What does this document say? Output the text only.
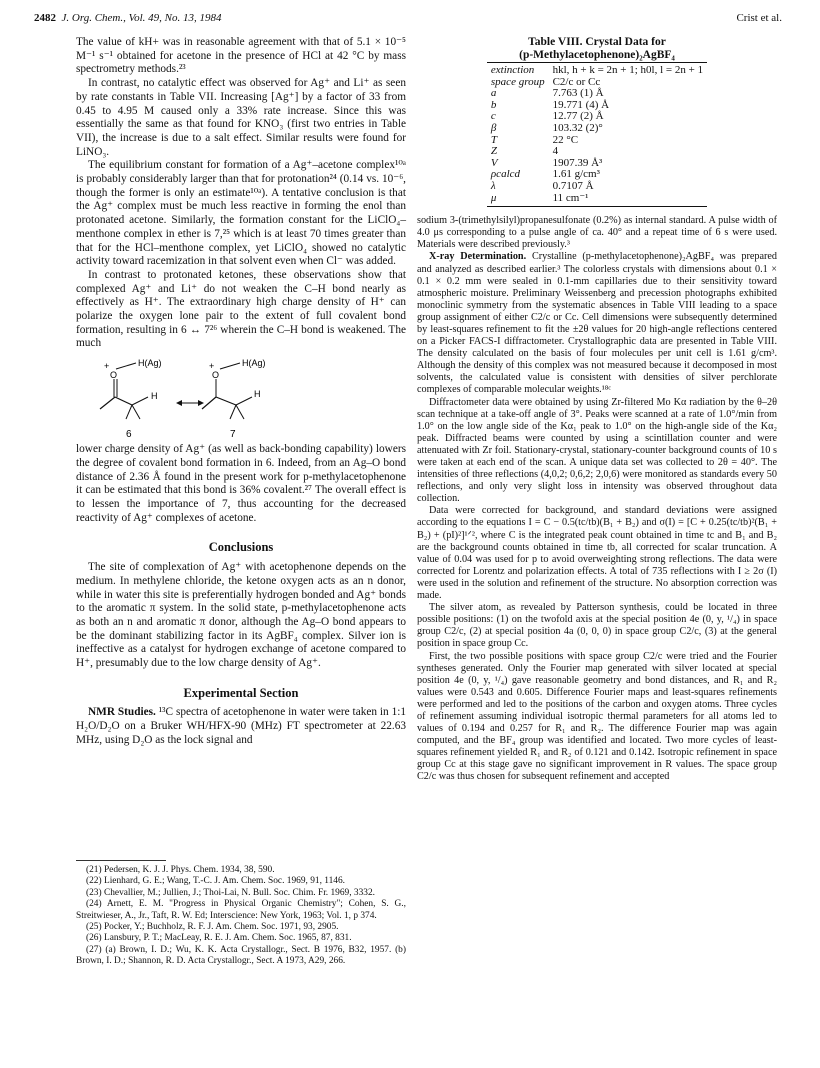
2482 J. Org. Chem., Vol. 49, No. 13, 1984	Crist et al.

The value of kH+ was in reasonable agreement with that of 5.1 × 10⁻⁵ M⁻¹ s⁻¹ obtained for acetone in the presence of HCl at 42 °C by mass spectrometry methods.²³

In contrast, no catalytic effect was observed for Ag⁺ and Li⁺ as seen by rate constants in Table VII. Increasing [Ag⁺] by a factor of 33 from 0.45 to 4.95 M caused only a 33% rate increase. Since this was essentially the same as that found for KNO₃ (first two entries in Table VII), the increase is due to a salt effect. Similar results were found for LiNO₃.

The equilibrium constant for formation of a Ag⁺–acetone complex¹⁰ᵃ is probably considerably larger than that for protonation²⁴ (0.14 vs. 10⁻⁶, though the former is only an estimate¹⁰ᵃ). A tentative conclusion is that the Ag⁺ complex must be much less reactive in forming the enol than protonated acetone. Similarly, the formation constant for the LiClO₄–menthone complex in ether is 7,²⁵ which is at least 70 times greater than that for the HCl–menthone complex, yet LiClO₄ showed no catalytic activity toward racemization in that solvent even when Cl⁻ was added.

In contrast to protonated ketones, these observations show that complexed Ag⁺ and Li⁺ do not weaken the C–H bond nearly as effectively as H⁺. The extraordinary high charge density of H⁺ can polarize the oxygen lone pair to the extent of full covalent bond formation, resulting in 6 ↔ 7²⁶ wherein the C–H bond is weakened. The much

+
O
H(Ag)
H
6
O
+	H(Ag)
H
7

lower charge density of Ag⁺ (as well as back-bonding capability) lowers the degree of covalent bond formation in 6. Indeed, from an Ag–O bond distance of 2.36 Å found in the present work for p-methylacetophenone it can be estimated that this bond is 36% covalent.²⁷ The overall effect is to lessen the importance of 7, thus accounting for the decreased reactivity of Ag⁺ complexes of acetone.

Conclusions

The site of complexation of Ag⁺ with acetophenone depends on the medium. In methylene chloride, the ketone oxygen acts as an n donor, while in water this site is preferentially hydrogen bonded and Ag⁺ bonds to the aromatic π system. In the solid state, p-methylacetophenone acts as both an n and aromatic π donor, although the Ag–O bond appears to be the dominant stabilizing factor in its AgBF₄ complex. Silver ion is ineffective as a catalyst for hydrogen exchange of acetone compared to H⁺, presumably due to the low charge density of Ag⁺.

Experimental Section

NMR Studies. ¹³C spectra of acetophenone in water were taken in 1:1 H₂O/D₂O on a Bruker WH/HFX-90 (MHz) FT spectrometer at 22.63 MHz, using D₂O as the lock signal and

(21) Pedersen, K. J. J. Phys. Chem. 1934, 38, 590.

(22) Lienhard, G. E.; Wang, T.-C. J. Am. Chem. Soc. 1969, 91, 1146.

(23) Chevallier, M.; Jullien, J.; Thoi-Lai, N. Bull. Soc. Chim. Fr. 1969, 3332.

(24) Arnett, E. M. "Progress in Physical Organic Chemistry"; Cohen, S. G., Streitwieser, A., Jr., Taft, R. W. Ed; Interscience: New York, 1963; Vol. 1, p 374.

(25) Pocker, Y.; Buchholz, R. F. J. Am. Chem. Soc. 1971, 93, 2905.

(26) Lansbury, P. T.; MacLeay, R. E. J. Am. Chem. Soc. 1965, 87, 831.

(27) (a) Brown, I. D.; Wu, K. K. Acta Crystallogr., Sect. B 1976, B32, 1957. (b) Brown, I. D.; Shannon, R. D. Acta Crystallogr., Sect. A 1973, A29, 266.

Table VIII. Crystal Data for
(p-Methylacetophenone)₂AgBF₄
extinction	hkl, h + k = 2n + 1; h0l, l = 2n + 1
space group	C2/c or Cc
a	7.763 (1) Å
b	19.771 (4) Å
c	12.77 (2) Å
β	103.32 (2)°
T	22 °C
Z	4
V	1907.39 Å³
ρcalcd	1.61 g/cm³
λ	0.7107 Å
μ	11 cm⁻¹

sodium 3-(trimethylsilyl)propanesulfonate (0.2%) as internal standard. A pulse width of 4.0 μs corresponding to a pulse angle of ca. 40° and a repeat time of 6 s were used. Materials were described previously.³

X-ray Determination. Crystalline (p-methylacetophenone)₂AgBF₄ was prepared and analyzed as described earlier.³ The colorless crystals with dimensions about 0.1 × 0.1 × 0.2 mm were sealed in 0.1-mm capillaries due to their sensitivity toward atmospheric moisture. Preliminary Weissenberg and precession photographs exhibited monoclinic symmetry from the systematic absences in Table VIII leading to a space group assignment of either C2/c or Cc. Cell dimensions were subsequently determined by least-squares refinement to fit the ±2θ values for 20 high-angle reflections centered on a Picker FACS-I diffractometer. Crystallographic data are presented in Table VIII. The density calculated on the basis of four molecules per unit cell is 1.61 g/cm³. Although the density of this complex was not measured because it decomposed in most solvents, the calculated value is consistent with densities of silver perchlorate complexes of comparable molecular weights.¹⁸ᶜ

Diffractometer data were obtained by using Zr-filtered Mo Kα radiation by the θ–2θ scan technique at a take-off angle of 3°. Peaks were scanned at a rate of 1.0°/min from 1.0° on the low angle side of the Kα₁ peak to 1.0° on the high-angle side of the Kα₂ peak. Diffracted beams were counted by using a scintillation counter and were attenuated with Zr foil. Stationary-crystal, stationary-counter background counts of 10 s were taken at each end of the scan. A unique data set was collected to 2θ = 40°. The intensities of three reflections (4,0,2; 0,6,2; 2,0,6) were monitored as standards every 50 reflections, and only very slight loss in intensity was observed throughout data collection.

Data were corrected for background, and standard deviations were assigned according to the equations I = C − 0.5(tc/tb)(B₁ + B₂) and σ(I) = [C + 0.25(tc/tb)²(B₁ + B₂) + (pI)²]¹ᐟ², where C is the integrated peak count obtained in time tc and B₁ and B₂ are the background counts obtained in time tb, all corrected for scalar truncation. A value of 0.04 was used for p to avoid overweighting strong reflections. The data were corrected for Lorentz and polarization effects. A total of 735 reflections with I ≥ 2σ (I) were used in the solution and refinement of the structure. No absorption correction was made.

The silver atom, as revealed by Patterson synthesis, could be located in three possible positions: (1) on the twofold axis at the special position 4e (0, y, ¹/₄) in space group C2/c, (2) at special position 4a (0, 0, 0) in space group C2/c, (3) at the general position in space group Cc.

First, the two possible positions with space group C2/c were tried and the Fourier syntheses generated. Only the Fourier map generated with silver located at special position 4e (0, y, ¹/₄) gave reasonable geometry and bond distances, and R₁ and R₂ values were 0.543 and 0.605. Difference Fourier maps and least-squares refinements were performed and led to the positions of the carbon and oxygen atoms. Three cycles of refinement assuming individual isotropic thermal parameters for all atoms led to values of 0.194 and 0.257 for R₁ and R₂. The difference Fourier map was again computed, and the BF₄ group was identified and located. Two more cycles of least-squares refinement yielded R₁ and R₂ of 0.121 and 0.142. Isotropic refinement in space group Cc at this stage gave no significant improvement in R values. The space group C2/c was thus chosen for subsequent refinement and accepted
